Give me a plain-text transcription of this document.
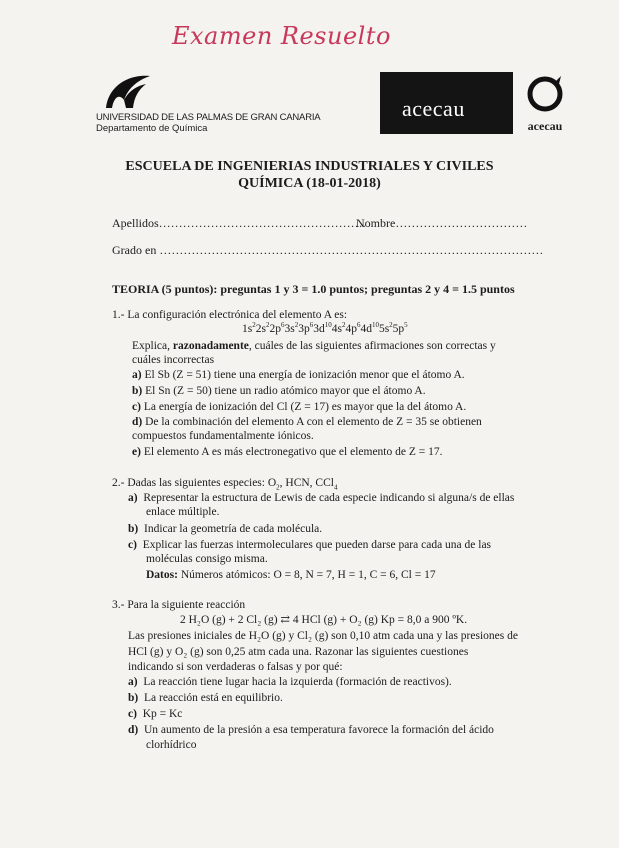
Examen Resuelto
UNIVERSIDAD DE LAS PALMAS DE GRAN CANARIA
Departamento de Química
acecau
acecau
ESCUELA DE INGENIERIAS INDUSTRIALES Y CIVILES
QUÍMICA (18-01-2018)
Apellidos…………………………………………….
Nombre……………………………
Grado en ……………………………………………………………………………………
TEORIA (5 puntos): preguntas 1 y 3 = 1.0 puntos; preguntas 2 y 4 = 1.5 puntos
1.- La configuración electrónica del elemento A es:
$1s^22s^22p^63s^23p^63d^{10}4s^24p^64d^{10}5s^25p^5$
Explica, razonadamente, cuáles de las siguientes afirmaciones son correctas y
cuáles incorrectas
a) El Sb (Z = 51) tiene una energía de ionización menor que el átomo A.
b) El Sn (Z = 50) tiene un radio atómico mayor que el átomo A.
c) La energía de ionización del Cl (Z = 17) es mayor que la del átomo A.
d) De la combinación del elemento A con el elemento de Z = 35 se obtienen
compuestos fundamentalmente iónicos.
e) El elemento A es más electronegativo que el elemento de Z = 17.
2.- Dadas las siguientes especies: $O_2$, HCN, CCl$_4$
a) Representar la estructura de Lewis de cada especie indicando si alguna/s de ellas
enlace múltiple.
b) Indicar la geometría de cada molécula.
c) Explicar las fuerzas intermoleculares que pueden darse para cada una de las
moléculas consigo misma.
Datos: Números atómicos: O = 8, N = 7, H = 1, C = 6, Cl = 17
3.- Para la siguiente reacción
2 H₂O (g) + 2 Cl₂ (g) ⇄ 4 HCl (g) + O₂ (g) Kp = 8,0 a 900 ºK.
Las presiones iniciales de H₂O (g) y Cl₂ (g) son 0,10 atm cada una y las presiones de
HCl (g) y O₂ (g) son 0,25 atm cada una. Razonar las siguientes cuestiones
indicando si son verdaderas o falsas y por qué:
a) La reacción tiene lugar hacia la izquierda (formación de reactivos).
b) La reacción está en equilibrio.
c) Kp = Kc
d) Un aumento de la presión a esa temperatura favorece la formación del ácido
clorhídrico
